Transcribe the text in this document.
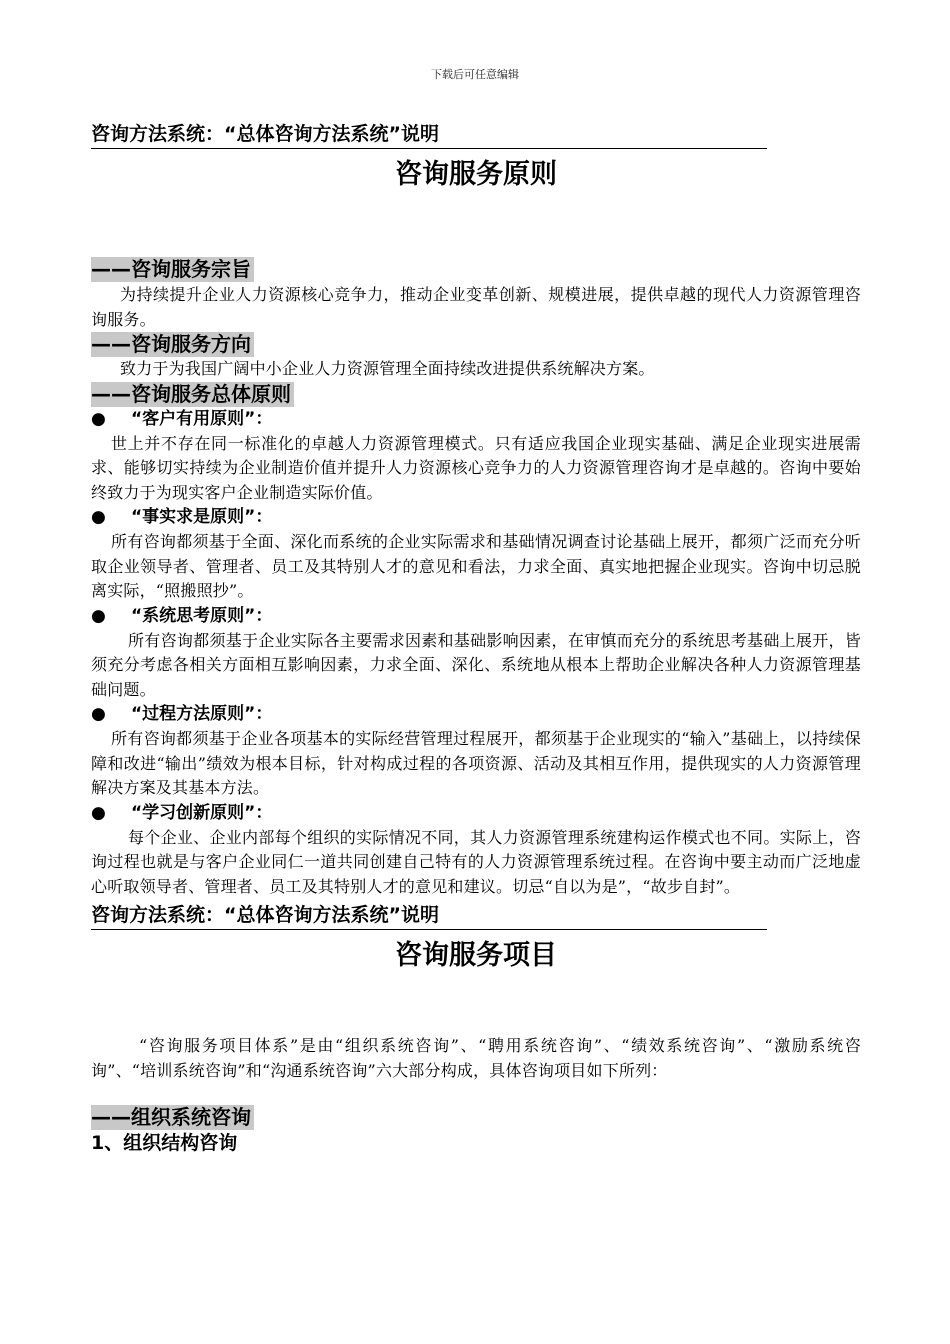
下载后可任意编辑
咨询方法系统：“总体咨询方法系统”说明
咨询服务原则
——咨询服务宗旨
为持续提升企业人力资源核心竞争力，推动企业变革创新、规模进展，提供卓越的现代人力资源管理咨询服务。
——咨询服务方向
致力于为我国广阔中小企业人力资源管理全面持续改进提供系统解决方案。
——咨询服务总体原则
● “客户有用原则”：
世上并不存在同一标准化的卓越人力资源管理模式。只有适应我国企业现实基础、满足企业现实进展需求、能够切实持续为企业制造价值并提升人力资源核心竞争力的人力资源管理咨询才是卓越的。咨询中要始终致力于为现实客户企业制造实际价值。
● “事实求是原则”：
所有咨询都须基于全面、深化而系统的企业实际需求和基础情况调查讨论基础上展开，都须广泛而充分听取企业领导者、管理者、员工及其特别人才的意见和看法，力求全面、真实地把握企业现实。咨询中切忌脱离实际，“照搬照抄”。
● “系统思考原则”：
所有咨询都须基于企业实际各主要需求因素和基础影响因素，在审慎而充分的系统思考基础上展开，皆须充分考虑各相关方面相互影响因素，力求全面、深化、系统地从根本上帮助企业解决各种人力资源管理基础问题。
● “过程方法原则”：
所有咨询都须基于企业各项基本的实际经营管理过程展开，都须基于企业现实的“输入”基础上，以持续保障和改进“输出”绩效为根本目标，针对构成过程的各项资源、活动及其相互作用，提供现实的人力资源管理解决方案及其基本方法。
● “学习创新原则”：
每个企业、企业内部每个组织的实际情况不同，其人力资源管理系统建构运作模式也不同。实际上，咨询过程也就是与客户企业同仁一道共同创建自己特有的人力资源管理系统过程。在咨询中要主动而广泛地虚心听取领导者、管理者、员工及其特别人才的意见和建议。切忌“自以为是”，“故步自封”。
咨询方法系统：“总体咨询方法系统”说明
咨询服务项目
“咨询服务项目体系”是由“组织系统咨询”、“聘用系统咨询”、“绩效系统咨询”、“激励系统咨询”、“培训系统咨询”和“沟通系统咨询”六大部分构成，具体咨询项目如下所列：
——组织系统咨询
1、组织结构咨询
